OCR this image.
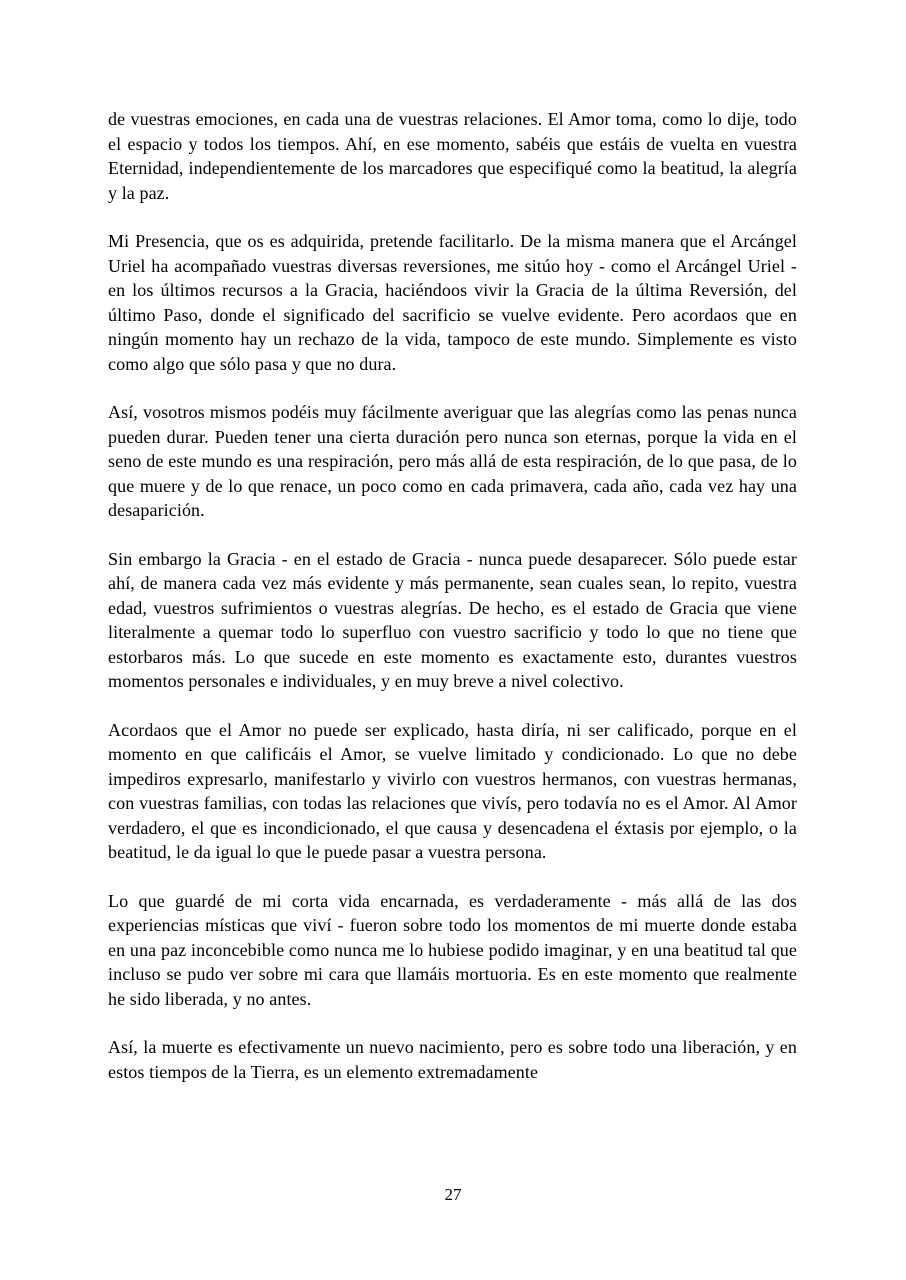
de vuestras emociones, en cada una de vuestras relaciones. El Amor toma, como lo dije, todo el espacio y todos los tiempos. Ahí, en ese momento, sabéis que estáis de vuelta en vuestra Eternidad, independientemente de los marcadores que especifiqué como la beatitud, la alegría y la paz.

Mi Presencia, que os es adquirida, pretende facilitarlo. De la misma manera que el Arcángel Uriel ha acompañado vuestras diversas reversiones, me sitúo hoy - como el Arcángel Uriel - en los últimos recursos a la Gracia, haciéndoos vivir la Gracia de la última Reversión, del último Paso, donde el significado del sacrificio se vuelve evidente. Pero acordaos que en ningún momento hay un rechazo de la vida, tampoco de este mundo. Simplemente es visto como algo que sólo pasa y que no dura.

Así, vosotros mismos podéis muy fácilmente averiguar que las alegrías como las penas nunca pueden durar. Pueden tener una cierta duración pero nunca son eternas, porque la vida en el seno de este mundo es una respiración, pero más allá de esta respiración, de lo que pasa, de lo que muere y de lo que renace, un poco como en cada primavera, cada año, cada vez hay una desaparición.

Sin embargo la Gracia - en el estado de Gracia - nunca puede desaparecer. Sólo puede estar ahí, de manera cada vez más evidente y más permanente, sean cuales sean, lo repito, vuestra edad, vuestros sufrimientos o vuestras alegrías. De hecho, es el estado de Gracia que viene literalmente a quemar todo lo superfluo con vuestro sacrificio y todo lo que no tiene que estorbaros más. Lo que sucede en este momento es exactamente esto, durantes vuestros momentos personales e individuales, y en muy breve a nivel colectivo.

Acordaos que el Amor no puede ser explicado, hasta diría, ni ser calificado, porque en el momento en que calificáis el Amor, se vuelve limitado y condicionado. Lo que no debe impediros expresarlo, manifestarlo y vivirlo con vuestros hermanos, con vuestras hermanas, con vuestras familias, con todas las relaciones que vivís, pero todavía no es el Amor. Al Amor verdadero, el que es incondicionado, el que causa y desencadena el éxtasis por ejemplo, o la beatitud, le da igual lo que le puede pasar a vuestra persona.

Lo que guardé de mi corta vida encarnada, es verdaderamente - más allá de las dos experiencias místicas que viví - fueron sobre todo los momentos de mi muerte donde estaba en una paz inconcebible como nunca me lo hubiese podido imaginar, y en una beatitud tal que incluso se pudo ver sobre mi cara que llamáis mortuoria. Es en este momento que realmente he sido liberada, y no antes.

Así, la muerte es efectivamente un nuevo nacimiento, pero es sobre todo una liberación, y en estos tiempos de la Tierra, es un elemento extremadamente

27
